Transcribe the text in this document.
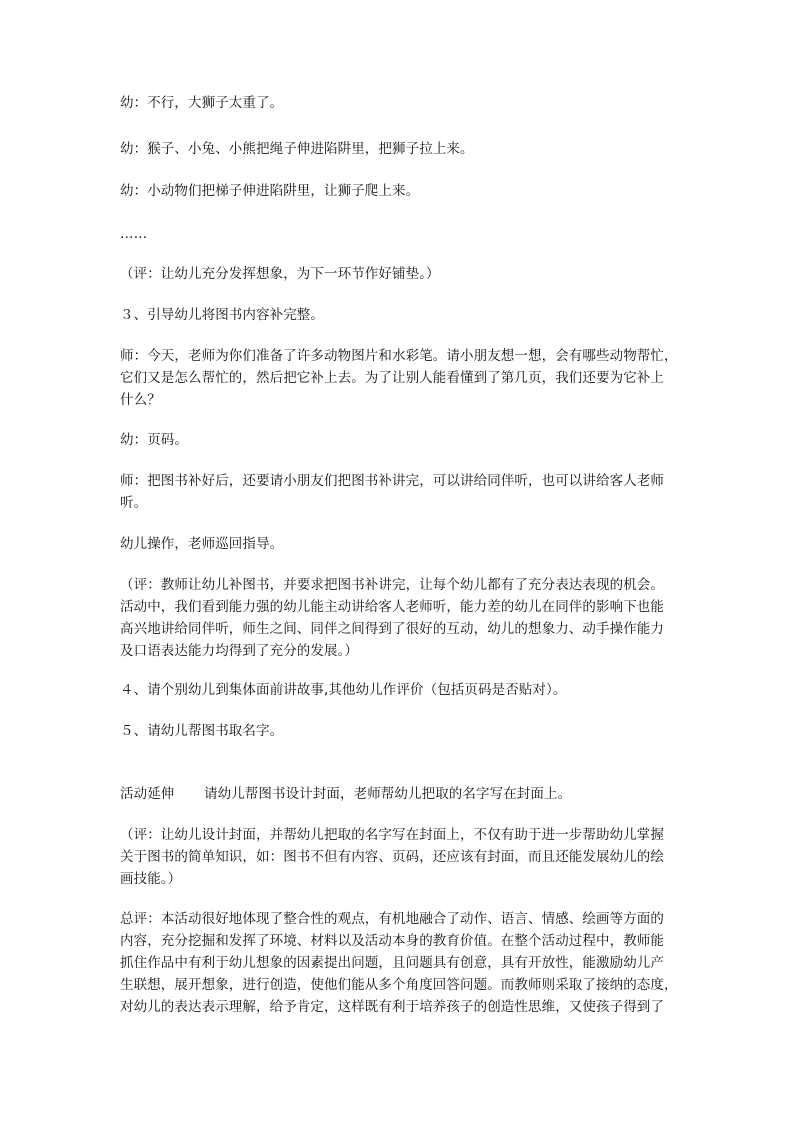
幼：不行，大狮子太重了。
幼：猴子、小兔、小熊把绳子伸进陷阱里，把狮子拉上来。
幼：小动物们把梯子伸进陷阱里，让狮子爬上来。
……
（评：让幼儿充分发挥想象，为下一环节作好铺垫。）
３、引导幼儿将图书内容补完整。
师：今天，老师为你们准备了许多动物图片和水彩笔。请小朋友想一想，会有哪些动物帮忙，
它们又是怎么帮忙的，然后把它补上去。为了让别人能看懂到了第几页，我们还要为它补上
什么？
幼：页码。
师：把图书补好后，还要请小朋友们把图书补讲完，可以讲给同伴听，也可以讲给客人老师
听。
幼儿操作，老师巡回指导。
（评：教师让幼儿补图书，并要求把图书补讲完，让每个幼儿都有了充分表达表现的机会。
活动中，我们看到能力强的幼儿能主动讲给客人老师听，能力差的幼儿在同伴的影响下也能
高兴地讲给同伴听，师生之间、同伴之间得到了很好的互动，幼儿的想象力、动手操作能力
及口语表达能力均得到了充分的发展。）
４、请个别幼儿到集体面前讲故事,其他幼儿作评价（包括页码是否贴对）。
５、请幼儿帮图书取名字。
活动延伸 请幼儿帮图书设计封面，老师帮幼儿把取的名字写在封面上。
（评：让幼儿设计封面，并帮幼儿把取的名字写在封面上，不仅有助于进一步帮助幼儿掌握
关于图书的简单知识，如：图书不但有内容、页码，还应该有封面，而且还能发展幼儿的绘
画技能。）
总评：本活动很好地体现了整合性的观点，有机地融合了动作、语言、情感、绘画等方面的
内容，充分挖掘和发挥了环境、材料以及活动本身的教育价值。在整个活动过程中，教师能
抓住作品中有利于幼儿想象的因素提出问题，且问题具有创意，具有开放性，能激励幼儿产
生联想，展开想象，进行创造，使他们能从多个角度回答问题。而教师则采取了接纳的态度，
对幼儿的表达表示理解，给予肯定，这样既有利于培养孩子的创造性思维，又使孩子得到了
